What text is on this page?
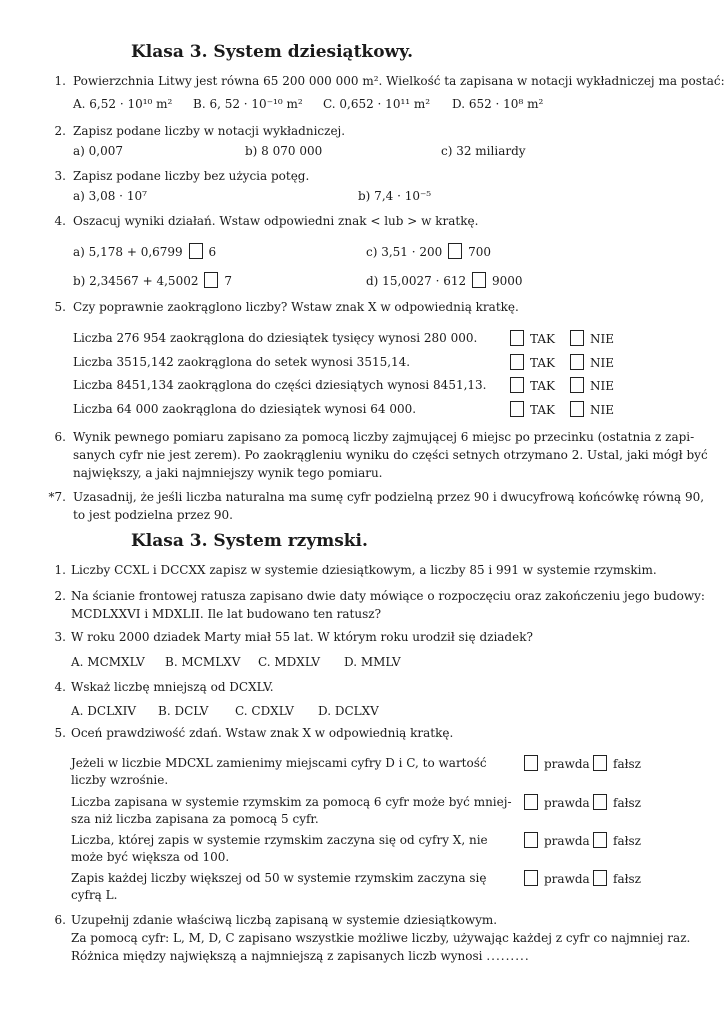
Klasa 3. System dziesiątkowy.
1. Powierzchnia Litwy jest równa 65 200 000 000 m². Wielkość ta zapisana w notacji wykładniczej ma postać:
A. 6,52 · 10¹⁰ m² B. 6, 52 · 10⁻¹⁰ m² C. 0,652 · 10¹¹ m² D. 652 · 10⁸ m²
2. Zapisz podane liczby w notacji wykładniczej.
a) 0,007	b) 8 070 000	c) 32 miliardy
3. Zapisz podane liczby bez użycia potęg.
a) 3,08 · 10⁷	b) 7,4 · 10⁻⁵
4. Oszacuj wyniki działań. Wstaw odpowiedni znak < lub > w kratkę.
a) 5,178 + 0,6799 6	c) 3,51 · 200 700
b) 2,34567 + 4,5002 7	d) 15,0027 · 612 9000
5. Czy poprawnie zaokrąglono liczby? Wstaw znak X w odpowiednią kratkę.
Liczba 276 954 zaokrąglona do dziesiątek tysięcy wynosi 280 000.	TAK	NIE
Liczba 3515,142 zaokrąglona do setek wynosi 3515,14.	TAK	NIE
Liczba 8451,134 zaokrąglona do części dziesiątych wynosi 8451,13.	TAK	NIE
Liczba 64 000 zaokrąglona do dziesiątek wynosi 64 000.	TAK	NIE
6. Wynik pewnego pomiaru zapisano za pomocą liczby zajmującej 6 miejsc po przecinku (ostatnia z zapi-
sanych cyfr nie jest zerem). Po zaokrągleniu wyniku do części setnych otrzymano 2. Ustal, jaki mógł być
największy, a jaki najmniejszy wynik tego pomiaru.
*7. Uzasadnij, że jeśli liczba naturalna ma sumę cyfr podzielną przez 90 i dwucyfrową końcówkę równą 90,
to jest podzielna przez 90.
Klasa 3. System rzymski.
1. Liczby CCXL i DCCXX zapisz w systemie dziesiątkowym, a liczby 85 i 991 w systemie rzymskim.
2. Na ścianie frontowej ratusza zapisano dwie daty mówiące o rozpoczęciu oraz zakończeniu jego budowy:
MCDLXXVI i MDXLII. Ile lat budowano ten ratusz?
3. W roku 2000 dziadek Marty miał 55 lat. W którym roku urodził się dziadek?
A. MCMXLV B. MCMLXV C. MDXLV D. MMLV
4. Wskaż liczbę mniejszą od DCXLV.
A. DCLXIV B. DCLV C. CDXLV D. DCLXV
5. Oceń prawdziwość zdań. Wstaw znak X w odpowiednią kratkę.
Jeżeli w liczbie MDCXL zamienimy miejscami cyfry D i C, to wartość
liczby wzrośnie.
prawda	fałsz
Liczba zapisana w systemie rzymskim za pomocą 6 cyfr może być mniej-
sza niż liczba zapisana za pomocą 5 cyfr.
prawda	fałsz
Liczba, której zapis w systemie rzymskim zaczyna się od cyfry X, nie
może być większa od 100.
prawda	fałsz
Zapis każdej liczby większej od 50 w systemie rzymskim zaczyna się
cyfrą L.
prawda	fałsz
6. Uzupełnij zdanie właściwą liczbą zapisaną w systemie dziesiątkowym.
Za pomocą cyfr: L, M, D, C zapisano wszystkie możliwe liczby, używając każdej z cyfr co najmniej raz.
Różnica między największą a najmniejszą z zapisanych liczb wynosi .........
